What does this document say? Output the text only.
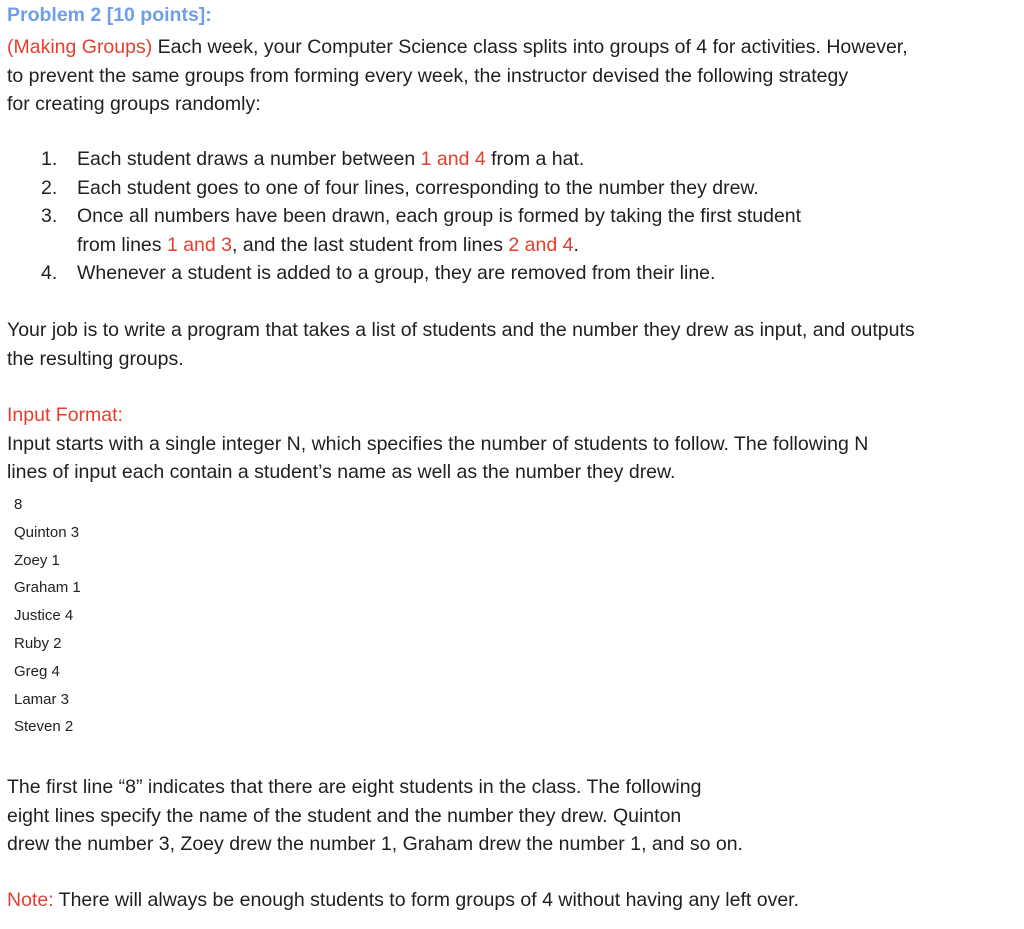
Problem 2 [10 points]:
(Making Groups) Each week, your Computer Science class splits into groups of 4 for activities. However,
to prevent the same groups from forming every week, the instructor devised the following strategy
for creating groups randomly:
1. Each student draws a number between 1 and 4 from a hat.
2. Each student goes to one of four lines, corresponding to the number they drew.
3. Once all numbers have been drawn, each group is formed by taking the first student
from lines 1 and 3, and the last student from lines 2 and 4.
4. Whenever a student is added to a group, they are removed from their line.
Your job is to write a program that takes a list of students and the number they drew as input, and outputs
the resulting groups.
Input Format:
Input starts with a single integer N, which specifies the number of students to follow. The following N
lines of input each contain a student’s name as well as the number they drew.
8
Quinton 3
Zoey 1
Graham 1
Justice 4
Ruby 2
Greg 4
Lamar 3
Steven 2
The first line “8” indicates that there are eight students in the class. The following
eight lines specify the name of the student and the number they drew. Quinton
drew the number 3, Zoey drew the number 1, Graham drew the number 1, and so on.
Note: There will always be enough students to form groups of 4 without having any left over.
